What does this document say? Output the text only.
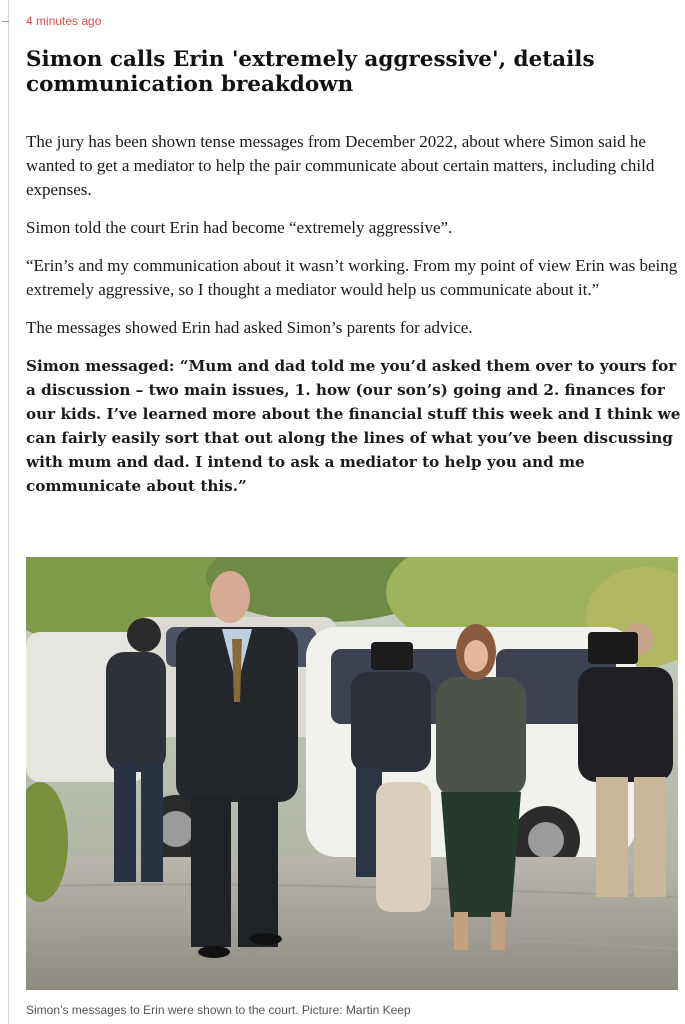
4 minutes ago
Simon calls Erin 'extremely aggressive', details communication breakdown

The jury has been shown tense messages from December 2022, about where Simon said he wanted to get a mediator to help the pair communicate about certain matters, including child expenses.

Simon told the court Erin had become “extremely aggressive”.

“Erin’s and my communication about it wasn’t working. From my point of view Erin was being extremely aggressive, so I thought a mediator would help us communicate about it.”

The messages showed Erin had asked Simon’s parents for advice.

Simon messaged: “Mum and dad told me you’d asked them over to yours for a discussion – two main issues, 1. how (our son’s) going and 2. finances for our kids. I’ve learned more about the financial stuff this week and I think we can fairly easily sort that out along the lines of what you’ve been discussing with mum and dad. I intend to ask a mediator to help you and me communicate about this.”

Simon’s messages to Erin were shown to the court. Picture: Martin Keep
